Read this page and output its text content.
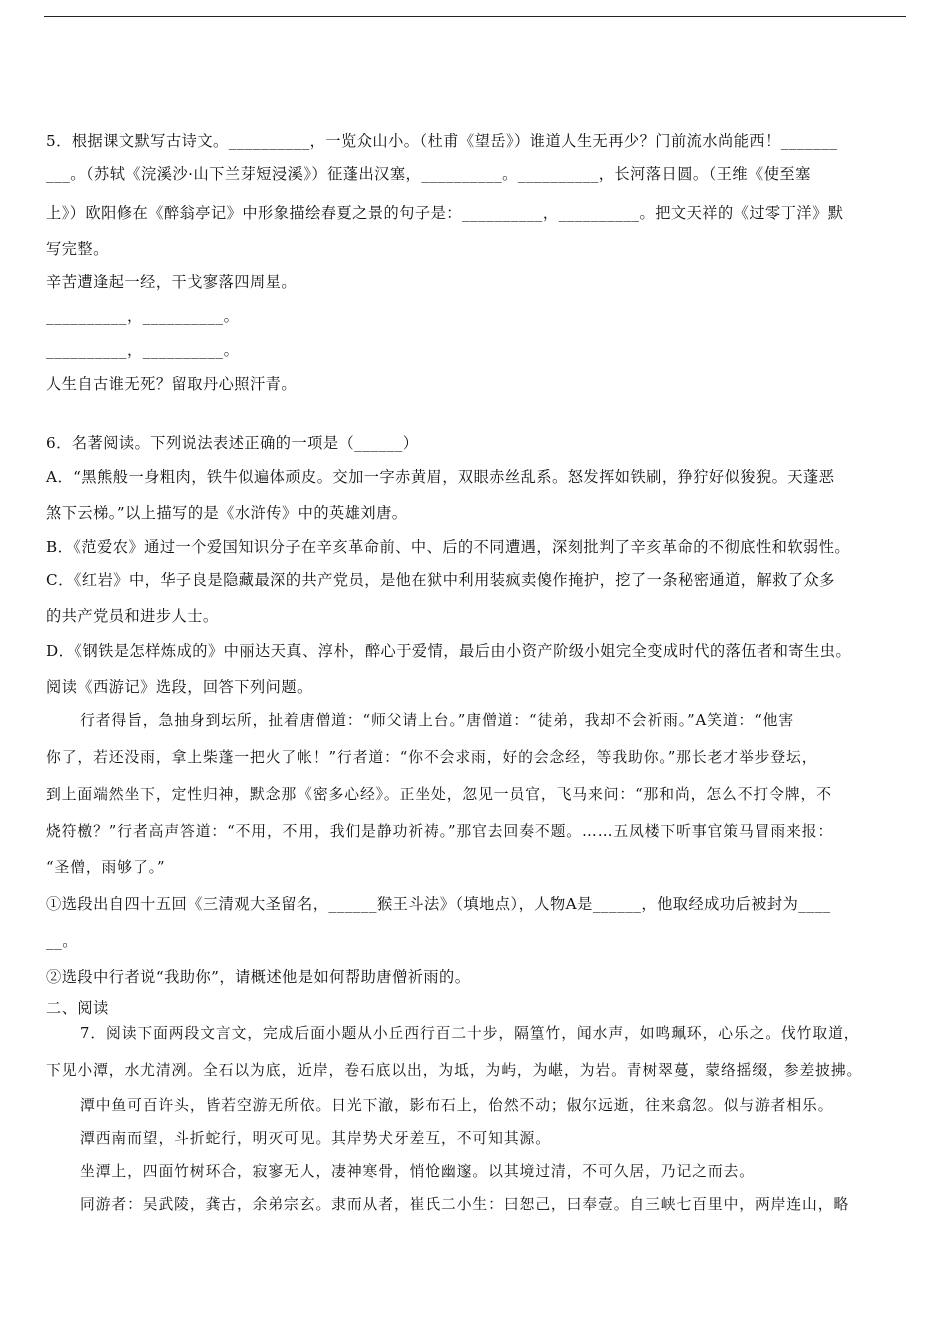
5．根据课文默写古诗文。__________，一览众山小。（杜甫《望岳》）谁道人生无再少？门前流水尚能西！_______
___。（苏轼《浣溪沙·山下兰芽短浸溪》）征蓬出汉塞，__________。__________，长河落日圆。（王维《使至塞
上》）欧阳修在《醉翁亭记》中形象描绘春夏之景的句子是：__________，__________。把文天祥的《过零丁洋》默
写完整。
辛苦遭逢起一经，干戈寥落四周星。
__________，__________。
__________，__________。
人生自古谁无死？留取丹心照汗青。
6．名著阅读。下列说法表述正确的一项是（______）
A．“黑熊般一身粗肉，铁牛似遍体顽皮。交加一字赤黄眉，双眼赤丝乱系。怒发挥如铁刷，狰狞好似狻猊。天蓬恶
煞下云梯。”以上描写的是《水浒传》中的英雄刘唐。
B．《范爱农》通过一个爱国知识分子在辛亥革命前、中、后的不同遭遇，深刻批判了辛亥革命的不彻底性和软弱性。
C．《红岩》中，华子良是隐藏最深的共产党员，是他在狱中利用装疯卖傻作掩护，挖了一条秘密通道，解救了众多
的共产党员和进步人士。
D．《钢铁是怎样炼成的》中丽达天真、淳朴，醉心于爱情，最后由小资产阶级小姐完全变成时代的落伍者和寄生虫。
阅读《西游记》选段，回答下列问题。
行者得旨，急抽身到坛所，扯着唐僧道：“师父请上台。”唐僧道：“徒弟，我却不会祈雨。”A笑道：“他害
你了，若还没雨，拿上柴蓬一把火了帐！”行者道：“你不会求雨，好的会念经，等我助你。”那长老才举步登坛，
到上面端然坐下，定性归神，默念那《密多心经》。正坐处，忽见一员官，飞马来问：“那和尚，怎么不打令牌，不
烧符檄？”行者高声答道：“不用，不用，我们是静功祈祷。”那官去回奏不题。……五凤楼下听事官策马冒雨来报：
“圣僧，雨够了。”
①选段出自四十五回《三清观大圣留名，______猴王斗法》（填地点），人物A是______，他取经成功后被封为____
__。
②选段中行者说“我助你”，请概述他是如何帮助唐僧祈雨的。
二、阅读
7．阅读下面两段文言文，完成后面小题从小丘西行百二十步，隔篁竹，闻水声，如鸣珮环，心乐之。伐竹取道，
下见小潭，水尤清冽。全石以为底，近岸，卷石底以出，为坻，为屿，为嵁，为岩。青树翠蔓，蒙络摇缀，参差披拂。
潭中鱼可百许头，皆若空游无所依。日光下澈，影布石上，佁然不动；俶尔远逝，往来翕忽。似与游者相乐。
潭西南而望，斗折蛇行，明灭可见。其岸势犬牙差互，不可知其源。
坐潭上，四面竹树环合，寂寥无人，凄神寒骨，悄怆幽邃。以其境过清，不可久居，乃记之而去。
同游者：吴武陵，龚古，余弟宗玄。隶而从者，崔氏二小生：曰恕己，曰奉壹。自三峡七百里中，两岸连山，略
